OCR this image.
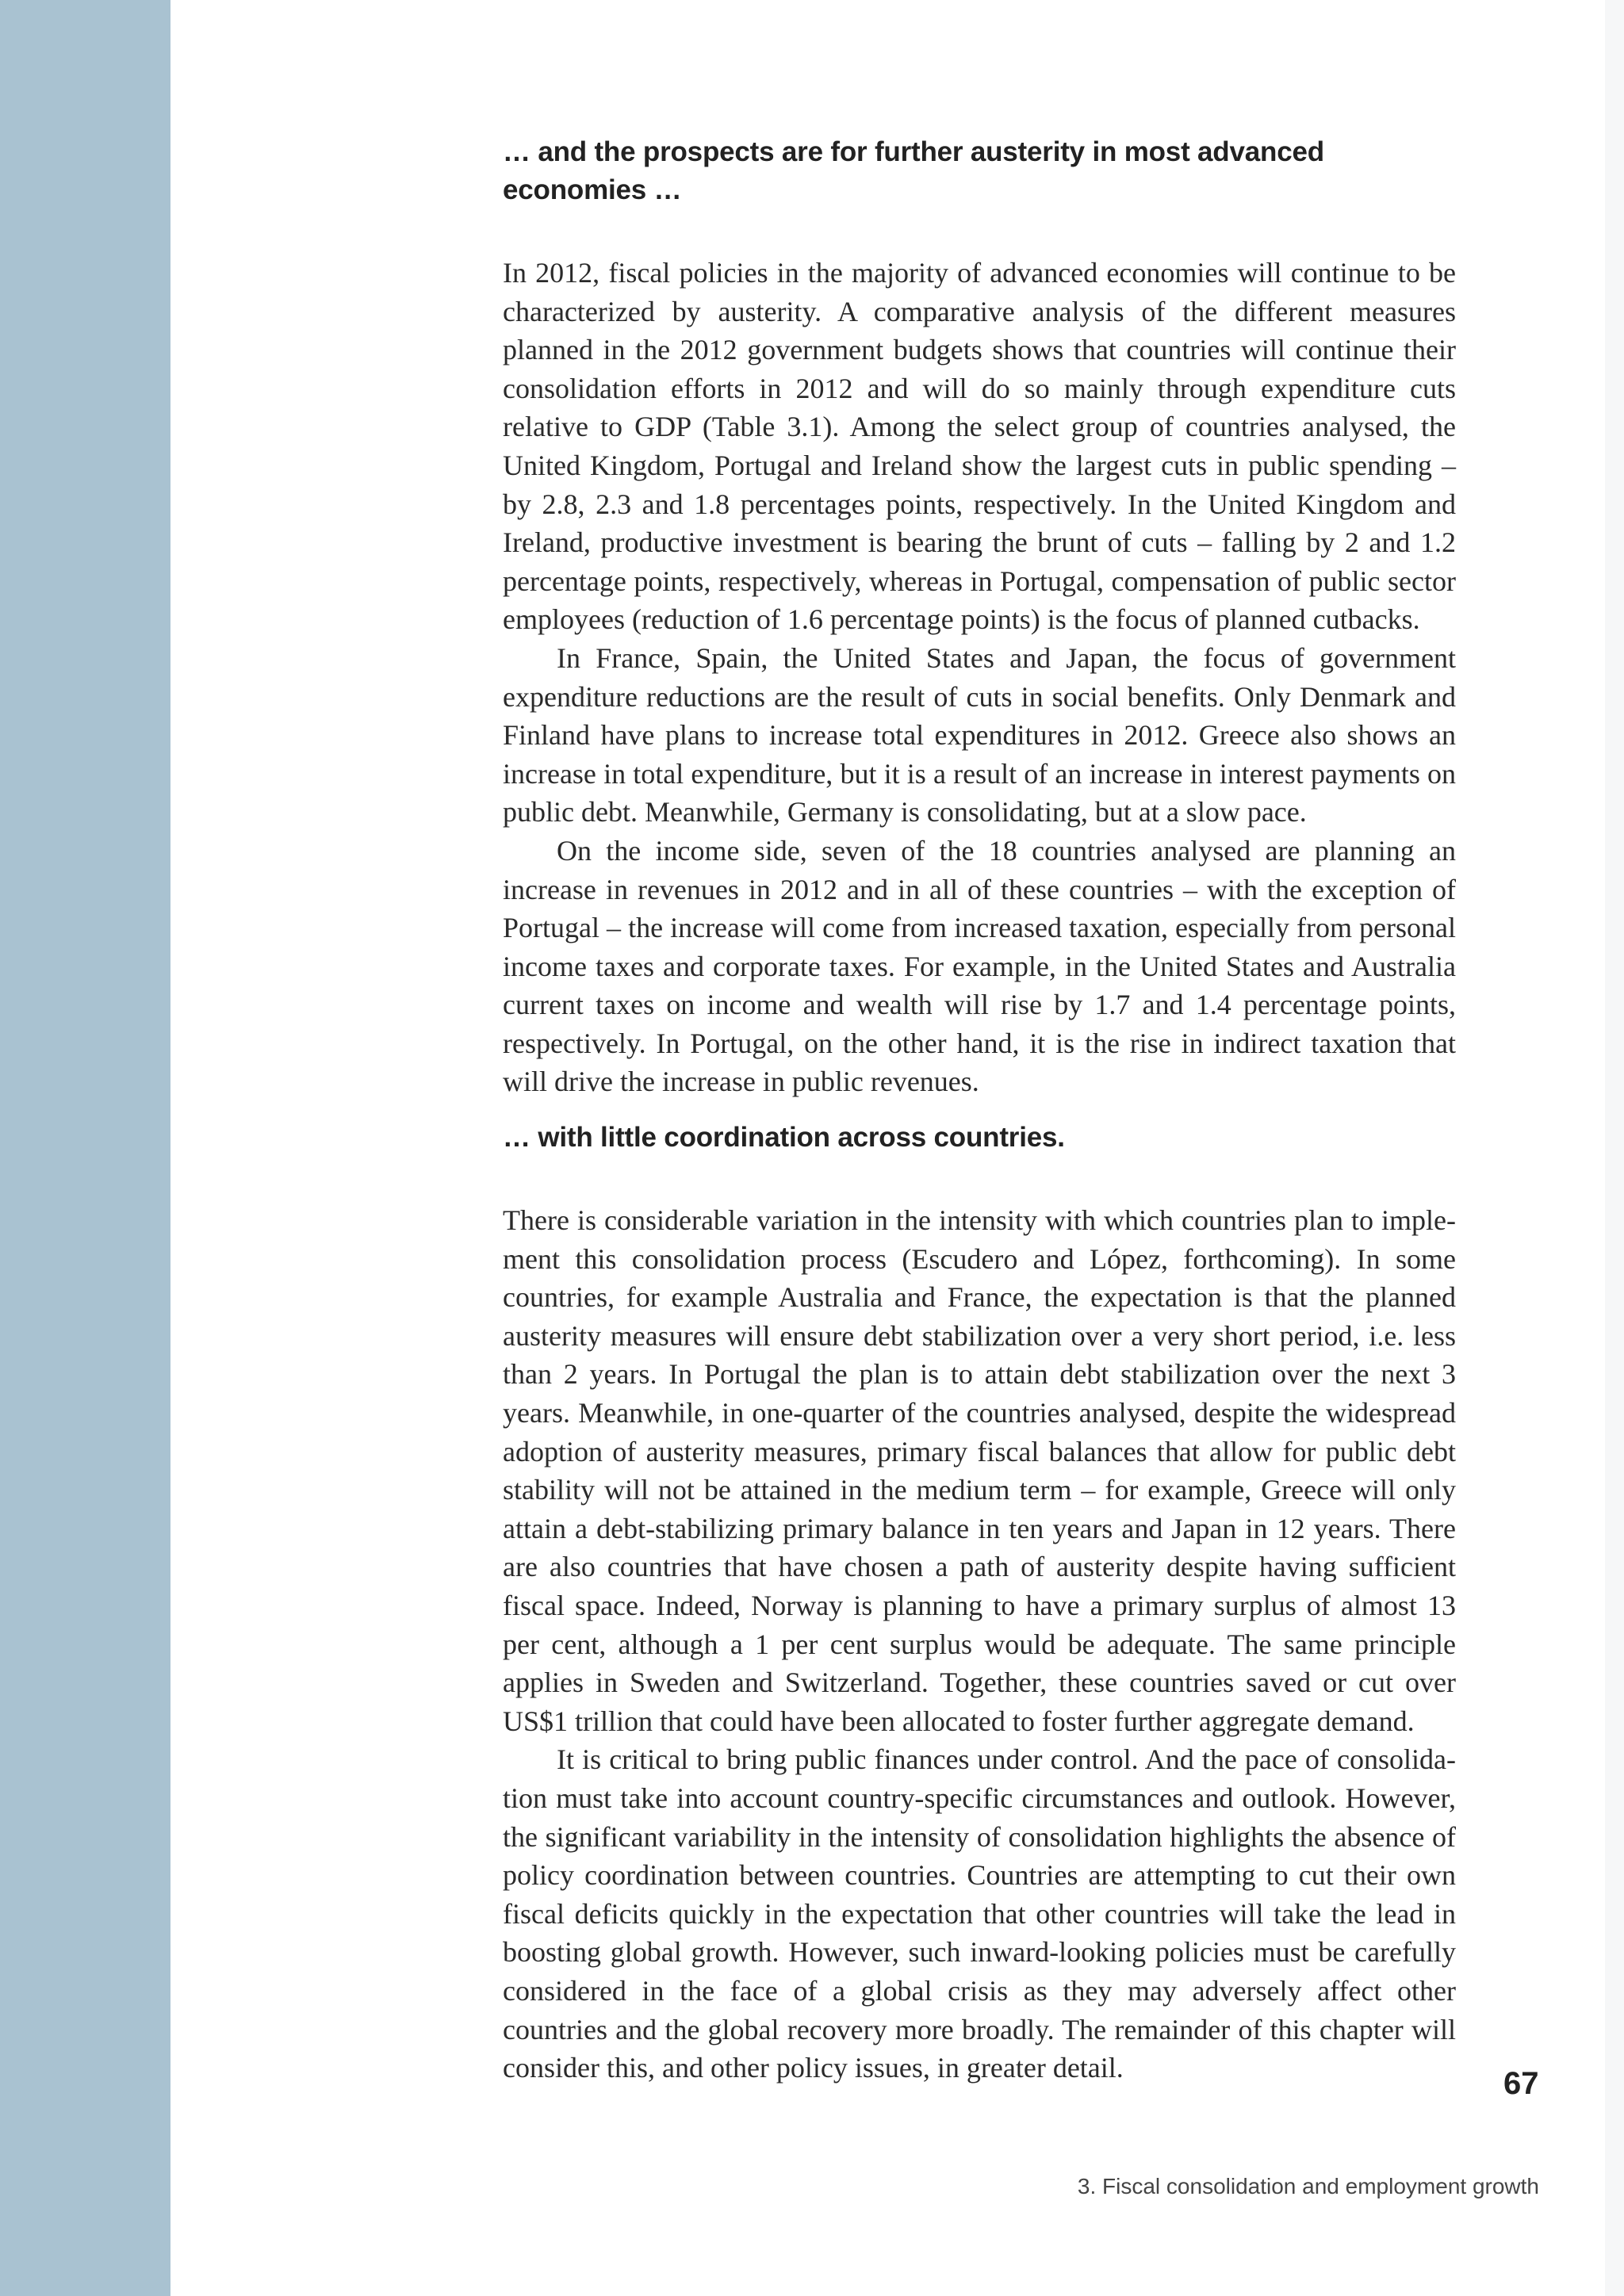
… and the prospects are for further austerity in most advanced economies …

In 2012, fiscal policies in the majority of advanced economies will continue to be characterized by austerity. A comparative analysis of the different measures planned in the 2012 government budgets shows that countries will continue their consolidation efforts in 2012 and will do so mainly through expenditure cuts relative to GDP (Table 3.1). Among the select group of countries analysed, the United Kingdom, Portugal and Ireland show the largest cuts in public spending – by 2.8, 2.3 and 1.8 percentages points, respectively. In the United Kingdom and Ireland, productive investment is bearing the brunt of cuts – falling by 2 and 1.2 percentage points, respectively, whereas in Portugal, compensation of public sector employees (reduction of 1.6 percentage points) is the focus of planned cutbacks.

In France, Spain, the United States and Japan, the focus of government expenditure reductions are the result of cuts in social benefits. Only Denmark and Finland have plans to increase total expenditures in 2012. Greece also shows an increase in total expenditure, but it is a result of an increase in interest payments on public debt. Meanwhile, Germany is consolidating, but at a slow pace.

On the income side, seven of the 18 countries analysed are planning an increase in revenues in 2012 and in all of these countries – with the exception of Portugal – the increase will come from increased taxation, especially from personal income taxes and corporate taxes. For example, in the United States and Australia current taxes on income and wealth will rise by 1.7 and 1.4 percentage points, respectively. In Portugal, on the other hand, it is the rise in indirect taxation that will drive the increase in public revenues.

… with little coordination across countries.

There is considerable variation in the intensity with which countries plan to implement this consolidation process (Escudero and López, forthcoming). In some countries, for example Australia and France, the expectation is that the planned austerity measures will ensure debt stabilization over a very short period, i.e. less than 2 years. In Portugal the plan is to attain debt stabilization over the next 3 years. Meanwhile, in one-quarter of the countries analysed, despite the widespread adoption of austerity measures, primary fiscal balances that allow for public debt stability will not be attained in the medium term – for example, Greece will only attain a debt-stabilizing primary balance in ten years and Japan in 12 years. There are also countries that have chosen a path of austerity despite having sufficient fiscal space. Indeed, Norway is planning to have a primary surplus of almost 13 per cent, although a 1 per cent surplus would be adequate. The same principle applies in Sweden and Switzerland. Together, these countries saved or cut over US$1 trillion that could have been allocated to foster further aggregate demand.

It is critical to bring public finances under control. And the pace of consolidation must take into account country-specific circumstances and outlook. However, the significant variability in the intensity of consolidation highlights the absence of policy coordination between countries. Countries are attempting to cut their own fiscal deficits quickly in the expectation that other countries will take the lead in boosting global growth. However, such inward-looking policies must be carefully considered in the face of a global crisis as they may adversely affect other countries and the global recovery more broadly. The remainder of this chapter will consider this, and other policy issues, in greater detail.	67
3. Fiscal consolidation and employment growth
